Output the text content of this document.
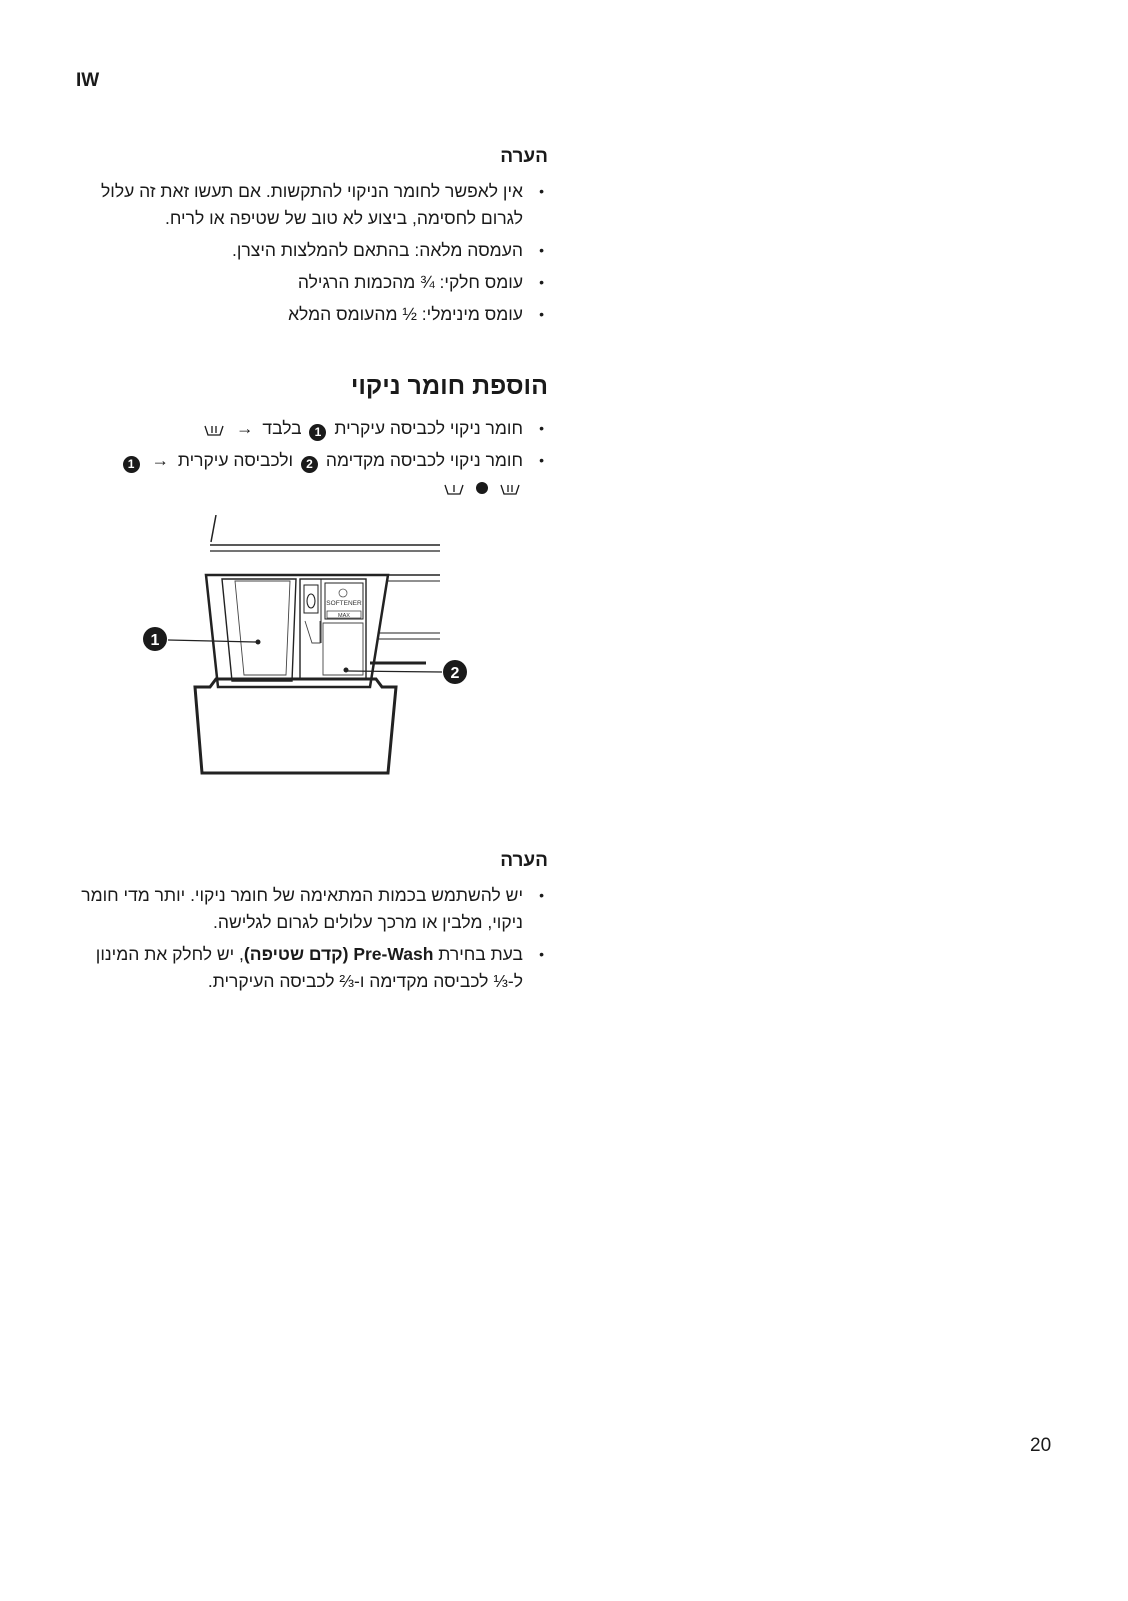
IW
הערה
• אין לאפשר לחומר הניקוי להתקשות. אם תעשו זאת זה עלול לגרום לחסימה, ביצוע לא טוב של שטיפה או לריח.
• העמסה מלאה: בהתאם להמלצות היצרן.
• עומס חלקי: ¾ מהכמות הרגילה
• עומס מינימלי: ½ מהעומס המלא
הוספת חומר ניקוי
• חומר ניקוי לכביסה עיקרית 1 בלבד →
• חומר ניקוי לכביסה מקדימה 2 ולכביסה עיקרית → 1

SOFTENER
MAX
1
2
הערה
• יש להשתמש בכמות המתאימה של חומר ניקוי. יותר מדי חומר ניקוי, מלבין או מרכך עלולים לגרום לגלישה.
• בעת בחירת Pre-Wash (קדם שטיפה), יש לחלק את המינון ל-⅓ לכביסה מקדימה ו-⅔ לכביסה העיקרית.
20
